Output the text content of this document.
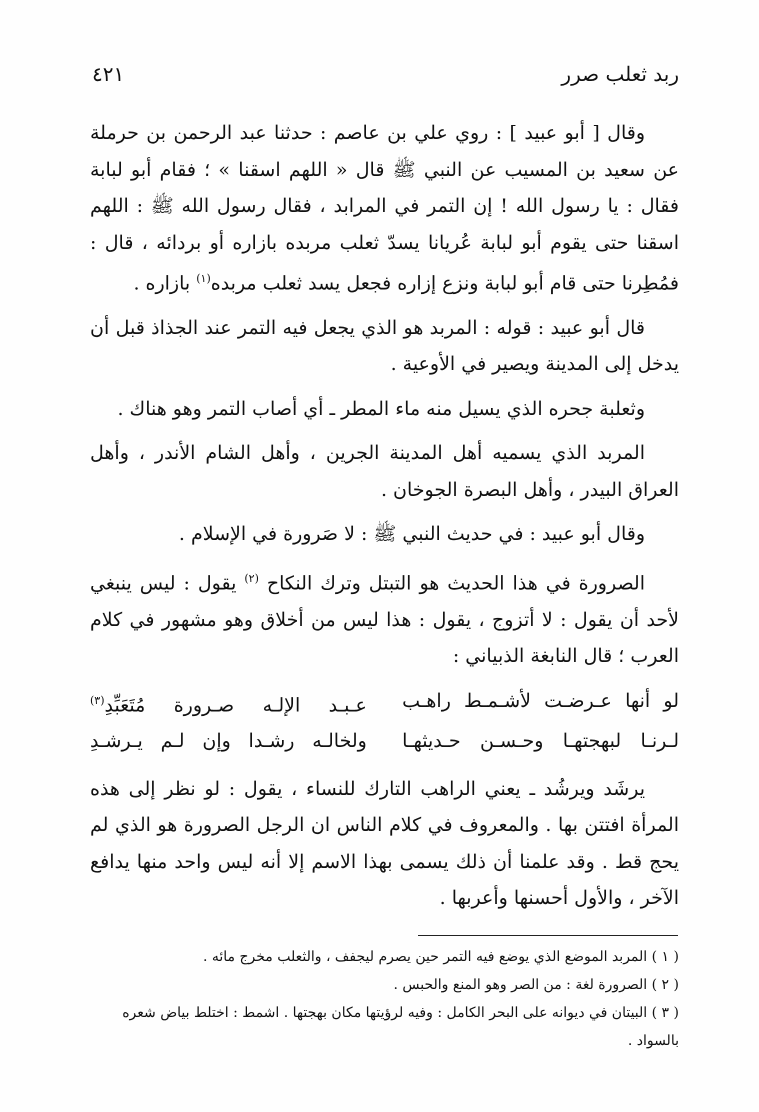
ربد ثعلب صرر
٤٢١

وقال [ أبو عبيد ] : روي علي بن عاصم : حدثنا عبد الرحمن بن حرملة عن سعيد بن المسيب عن النبي ﷺ قال « اللهم اسقنا » ؛ فقام أبو لبابة فقال : يا رسول الله ! إن التمر في المرابد ، فقال رسول الله ﷺ : اللهم اسقنا حتى يقوم أبو لبابة عُريانا يسدّ ثعلب مربده بازاره أو بردائه ، قال : فمُطِرنا حتى قام أبو لبابة ونزع إزاره فجعل يسد ثعلب مربده$^{(١)}$ بازاره .

قال أبو عبيد : قوله : المربد هو الذي يجعل فيه التمر عند الجذاذ قبل أن يدخل إلى المدينة ويصير في الأوعية .

وثعلبة جحره الذي يسيل منه ماء المطر ـ أي أصاب التمر وهو هناك .

المربد الذي يسميه أهل المدينة الجرين ، وأهل الشام الأندر ، وأهل العراق البيدر ، وأهل البصرة الجوخان .

وقال أبو عبيد : في حديث النبي ﷺ : لا صَرورة في الإسلام .

الصرورة في هذا الحديث هو التبتل وترك النكاح $^{(٢)}$ يقول : ليس ينبغي لأحد أن يقول : لا أتزوج ، يقول : هذا ليس من أخلاق وهو مشهور في كلام العرب ؛ قال النابغة الذبياني :

لو أنها عـرضـت لأشـمـط راهـب
عـبـد الإلـه صـرورة مُتَعَبِّدِ$^{(٣)}$
لـرنـا لبهجتهـا وحـسـن حـديثهـا
ولخالـه رشـدا وإن لـم يـرشـدِ

يرشَد ويرشُد ـ يعني الراهب التارك للنساء ، يقول : لو نظر إلى هذه المرأة افتتن بها . والمعروف في كلام الناس ان الرجل الصرورة هو الذي لم يحج قط . وقد علمنا أن ذلك يسمى بهذا الاسم إلا أنه ليس واحد منها يدافع الآخر ، والأول أحسنها وأعربها .

( ١ ) المربد الموضع الذي يوضع فيه التمر حين يصرم ليجفف ، والثعلب مخرج مائه .

( ٢ ) الصرورة لغة : من الصر وهو المنع والحبس .

( ٣ ) البيتان في ديوانه على البحر الكامل : وفيه لرؤيتها مكان بهجتها . اشمط : اختلط بياض شعره بالسواد .
